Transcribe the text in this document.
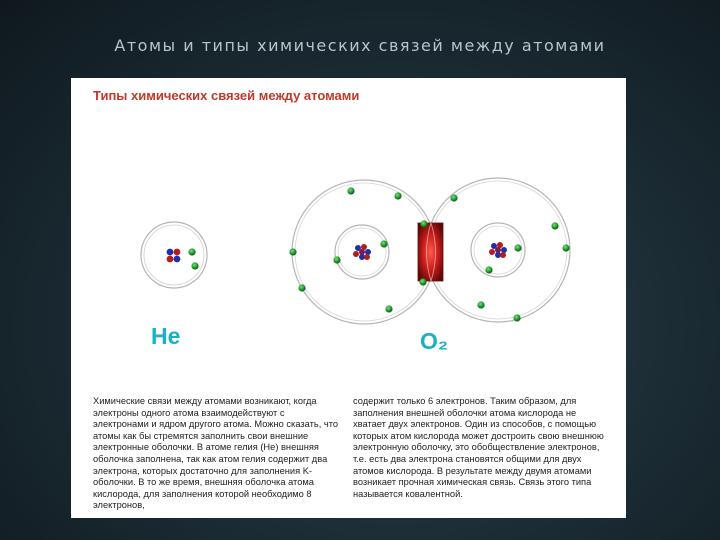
Атомы и типы химических связей между атомами
Типы химических связей между атомами
He	O₂

Химические связи между атомами возникают, когда электроны одного атома взаимодействуют с электронами и ядром другого атома. Можно сказать, что атомы как бы стремятся заполнить свои внешние электронные оболочки. В атоме гелия (He) внешняя оболочка заполнена, так как атом гелия содержит два электрона, которых достаточно для заполнения K-оболочки. В то же время, внешняя оболочка атома кислорода, для заполнения которой необходимо 8 электронов,

содержит только 6 электронов. Таким образом, для заполнения внешней оболочки атома кислорода не хватает двух электронов. Один из способов, с помощью которых атом кислорода может достроить свою внешнюю электронную оболочку, это обобществление электронов, т.е. есть два электрона становятся общими для двух атомов кислорода. В результате между двумя атомами возникает прочная химическая связь. Связь этого типа называется ковалентной.
